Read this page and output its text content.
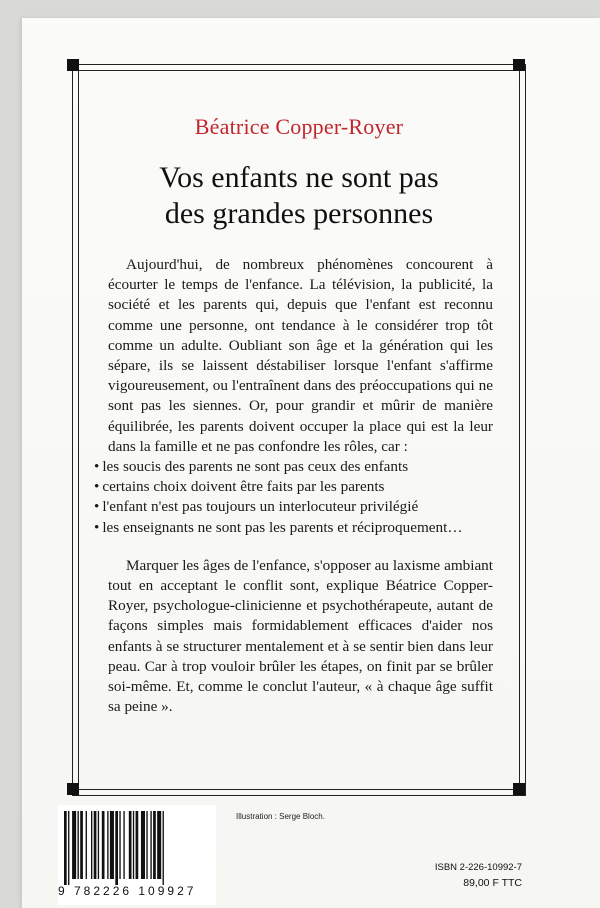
Béatrice Copper-Royer
Vos enfants ne sont pas
des grandes personnes

Aujourd'hui, de nombreux phénomènes concourent à écourter le temps de l'enfance. La télévision, la publicité, la société et les parents qui, depuis que l'enfant est reconnu comme une personne, ont tendance à le considérer trop tôt comme un adulte. Oubliant son âge et la génération qui les sépare, ils se laissent déstabiliser lorsque l'enfant s'affirme vigoureusement, ou l'entraînent dans des préoccupations qui ne sont pas les siennes. Or, pour grandir et mûrir de manière équilibrée, les parents doivent occuper la place qui est la leur dans la famille et ne pas confondre les rôles, car :

• les soucis des parents ne sont pas ceux des enfants
• certains choix doivent être faits par les parents
• l'enfant n'est pas toujours un interlocuteur privilégié
• les enseignants ne sont pas les parents et réciproquement…

Marquer les âges de l'enfance, s'opposer au laxisme ambiant tout en acceptant le conflit sont, explique Béatrice Copper-Royer, psychologue-clinicienne et psychothérapeute, autant de façons simples mais formidablement efficaces d'aider nos enfants à se structurer mentalement et à se sentir bien dans leur peau. Car à trop vouloir brûler les étapes, on finit par se brûler soi-même. Et, comme le conclut l'auteur, « à chaque âge suffit sa peine ».

9 782226 109927
Illustration : Serge Bloch.
ISBN 2-226-10992-7
89,00 F TTC
